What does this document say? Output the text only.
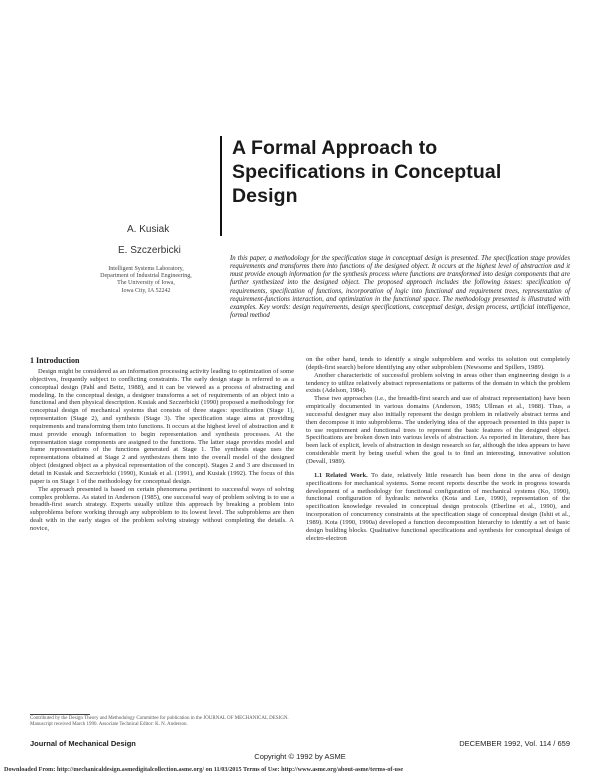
A Formal Approach to
Specifications in Conceptual
Design
A. Kusiak
E. Szczerbicki
Intelligent Systems Laboratory,
Department of Industrial Engineering,
The University of Iowa,
Iowa City, IA 52242
In this paper, a methodology for the specification stage in conceptual design is presented. The specification stage provides requirements and transforms them into functions of the designed object. It occurs at the highest level of abstraction and it must provide enough information for the synthesis process where functions are transformed into design components that are further synthesized into the designed object. The proposed approach includes the following issues: specification of requirements, specification of functions, incorporation of logic into functional and requirement trees, representation of requirement-functions interaction, and optimization in the functional space. The methodology presented is illustrated with examples. Key words: design requirements, design specifications, conceptual design, design process, artificial intelligence, formal method
1 Introduction

Design might be considered as an information processing activity leading to optimization of some objectives, frequently subject to conflicting constraints. The early design stage is referred to as a conceptual design (Pahl and Beitz, 1988), and it can be viewed as a process of abstracting and modeling. In the conceptual design, a designer transforms a set of requirements of an object into a functional and then physical description. Kusiak and Szczerbicki (1990) proposed a methodology for conceptual design of mechanical systems that consists of three stages: specification (Stage 1), representation (Stage 2), and synthesis (Stage 3). The specification stage aims at providing requirements and transforming them into functions. It occurs at the highest level of abstraction and it must provide enough information to begin representation and synthesis processes. At the representation stage components are assigned to the functions. The latter stage provides model and frame representations of the functions generated at Stage 1. The synthesis stage uses the representations obtained at Stage 2 and synthesizes them into the overall model of the designed object (designed object as a physical representation of the concept). Stages 2 and 3 are discussed in detail in Kusiak and Szczerbicki (1990), Kusiak et al. (1991), and Kusiak (1992). The focus of this paper is on Stage 1 of the methodology for conceptual design.

The approach presented is based on certain phenomena pertinent to successful ways of solving complex problems. As stated in Anderson (1985), one successful way of problem solving is to use a breadth-first search strategy. Experts usually utilize this approach by breaking a problem into subproblems before working through any subproblem to its lowest level. The subproblems are then dealt with in the early stages of the problem solving strategy without completing the details. A novice,

Contributed by the Design Theory and Methodology Committee for publication in the JOURNAL OF MECHANICAL DESIGN. Manuscript received March 1990. Associate Technical Editor: K. N. Anderson.

on the other hand, tends to identify a single subproblem and works its solution out completely (depth-first search) before identifying any other subproblem (Newsome and Spillers, 1989).

Another characteristic of successful problem solving in areas other than engineering design is a tendency to utilize relatively abstract representations or patterns of the domain in which the problem exists (Adelson, 1984).

These two approaches (i.e., the breadth-first search and use of abstract representation) have been empirically documented in various domains (Anderson, 1985; Ullman et al., 1988). Thus, a successful designer may also initially represent the design problem in relatively abstract terms and then decompose it into subproblems. The underlying idea of the approach presented in this paper is to use requirement and functional trees to represent the basic features of the designed object. Specifications are broken down into various levels of abstraction. As reported in literature, there has been lack of explicit, levels of abstraction in design research so far, although the idea appears to have considerable merit by being useful when the goal is to find an interesting, innovative solution (Devall, 1989).

1.1 Related Work. To date, relatively little research has been done in the area of design specifications for mechanical systems. Some recent reports describe the work in progress towards development of a methodology for functional configuration of mechanical systems (Ko, 1990), functional configuration of hydraulic networks (Kota and Lee, 1990), representation of the specification knowledge revealed in conceptual design protocols (Eberline et al., 1990), and incorporation of concurrency constraints at the specification stage of conceptual design (Ishii et al., 1989). Kota (1990, 1990a) developed a function decomposition hierarchy to identify a set of basic design building blocks. Qualitative functional specifications and synthesis for conceptual design of electro-electron

Journal of Mechanical Design	DECEMBER 1992, Vol. 114 / 659
Copyright © 1992 by ASME
Downloaded From: http://mechanicaldesign.asmedigitalcollection.asme.org/ on 11/03/2015 Terms of Use: http://www.asme.org/about-asme/terms-of-use
